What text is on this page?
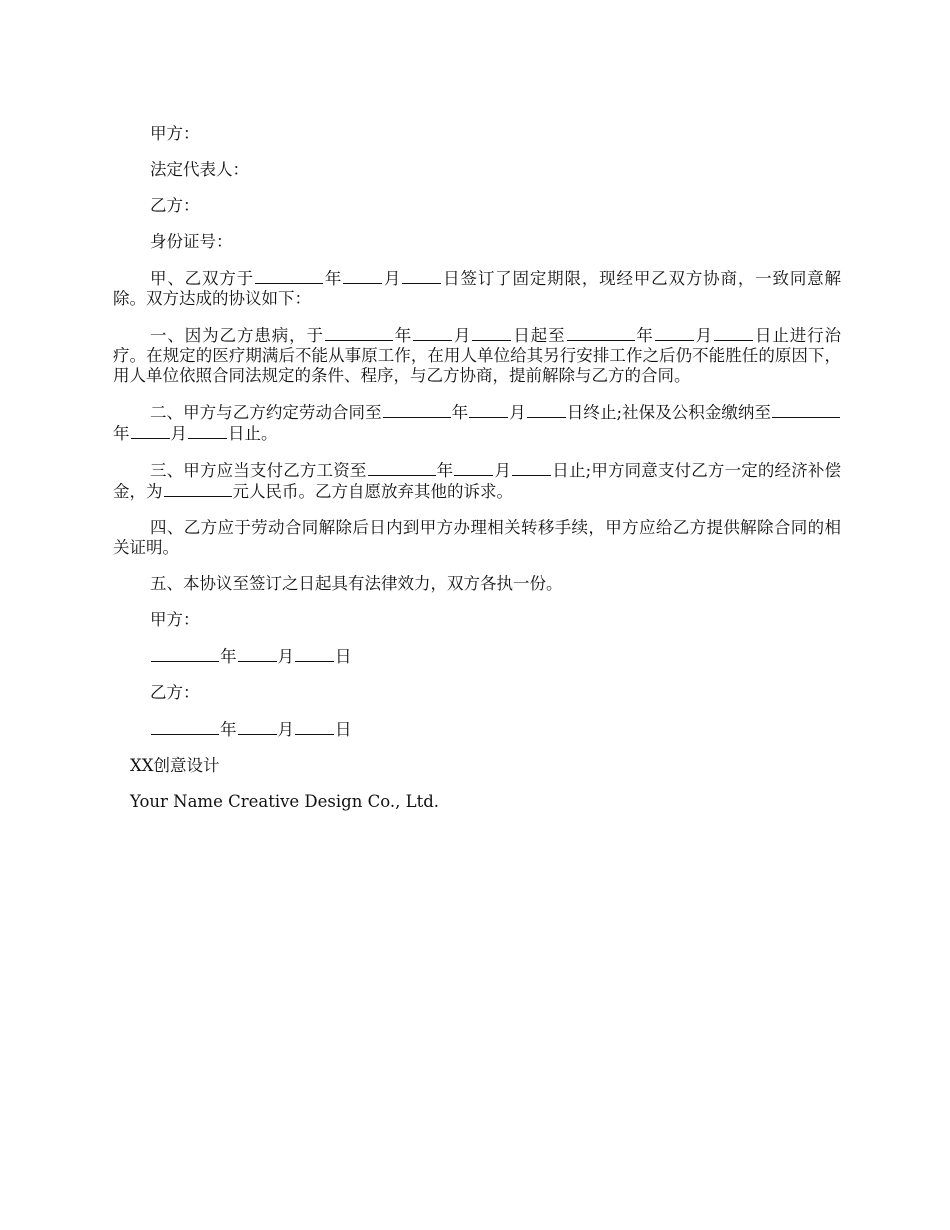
甲方：
法定代表人：
乙方：
身份证号：

甲、乙双方于	年 月 日签订了固定期限，现经甲乙双方协商，一致同意解除。双方达成的协议如下：

一、因为乙方患病，于	年 月 日起至	年 月 日止进行治疗。在规定的医疗期满后不能从事原工作，在用人单位给其另行安排工作之后仍不能胜任的原因下，用人单位依照合同法规定的条件、程序，与乙方协商，提前解除与乙方的合同。

二、甲方与乙方约定劳动合同至	年 月 日终止;社保及公积金缴纳至年 月 日止。

三、甲方应当支付乙方工资至	年 月 日止;甲方同意支付乙方一定的经济补偿金，为	元人民币。乙方自愿放弃其他的诉求。

四、乙方应于劳动合同解除后日内到甲方办理相关转移手续，甲方应给乙方提供解除合同的相关证明。

五、本协议至签订之日起具有法律效力，双方各执一份。

甲方：
年 月 日
乙方：
年 月 日
XX创意设计
Your Name Creative Design Co., Ltd.
